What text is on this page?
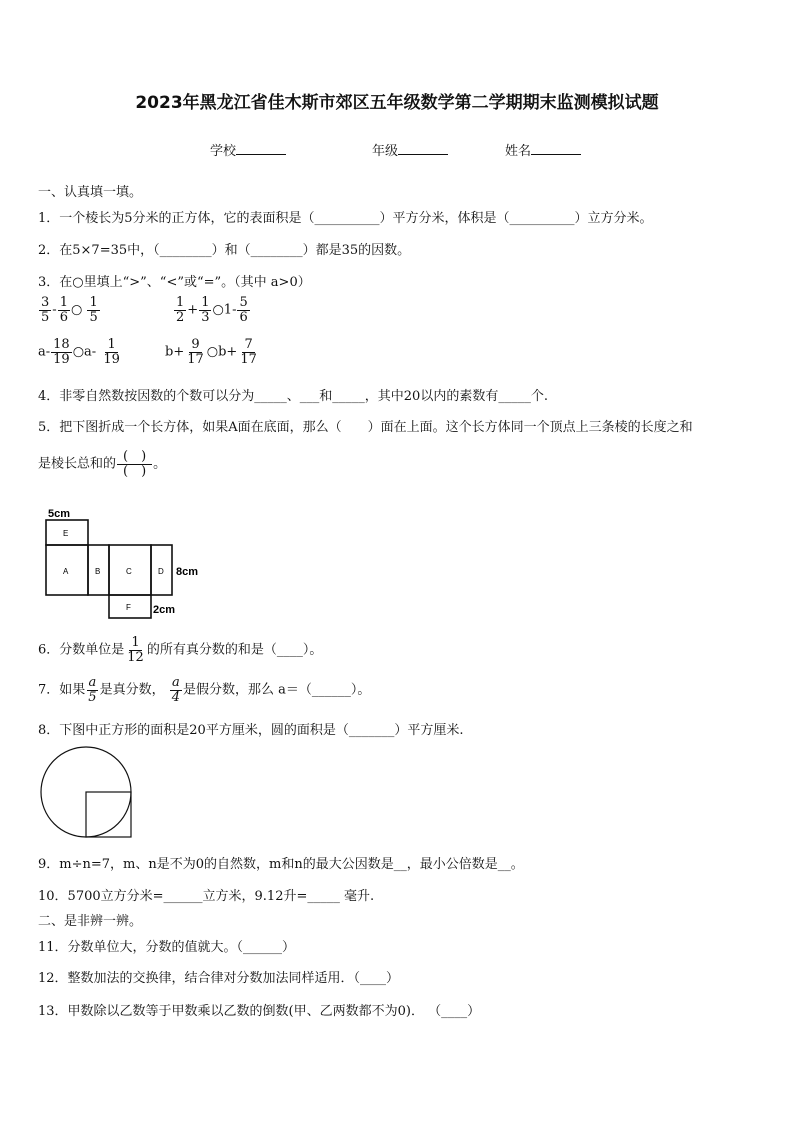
2023年黑龙江省佳木斯市郊区五年级数学第二学期期末监测模拟试题
学校	年级	姓名
一、认真填一填。
1．一个棱长为5分米的正方体，它的表面积是（__________）平方分米，体积是（__________）立方分米。
2．在5×7=35中，（________）和（________）都是35的因数。
3．在○里填上“>”、“<”或“=”。（其中 a>0）
$\frac{3}{5} - \frac{1}{6}$ ○ $\frac{1}{5}$	$\frac{1}{2} + \frac{1}{3}$ ○1- $\frac{5}{6}$
$a- \frac{18}{19}$ ○a- $\frac{1}{19}$	$b+ \frac{9}{17}$ ○b+ $\frac{7}{17}$
4．非零自然数按因数的个数可以分为_____、___和_____，其中20以内的素数有_____个.
5．把下图折成一个长方体，如果A面在底面，那么（　　）面在上面。这个长方体同一个顶点上三条棱的长度之和
是棱长总和的 $\frac{( )}{( )}$ 。
5cm
8cm
2cm
A	B	C	D
E
F
6．分数单位是 $\frac{1}{12}$ 的所有真分数的和是（____）。
7．如果 $\frac{a}{5}$ 是真分数， $\frac{a}{4}$ 是假分数，那么 a＝（______）。
8．下图中正方形的面积是20平方厘米，圆的面积是（_______）平方厘米.
9．m÷n=7，m、n是不为0的自然数，m和n的最大公因数是__，最小公倍数是__。
10．5700立方分米=______立方米，9.12升=_____ 毫升.
二、是非辨一辨。
11．分数单位大，分数的值就大。（______）
12．整数加法的交换律，结合律对分数加法同样适用．（____）
13．甲数除以乙数等于甲数乘以乙数的倒数(甲、乙两数都不为0)． （____）
